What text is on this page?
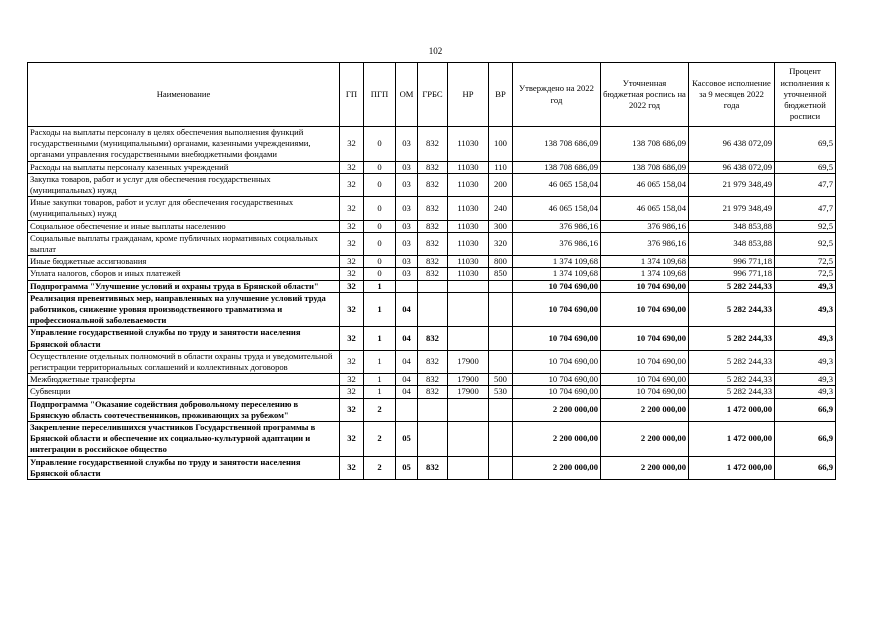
102
Наименование	ГП	ПГП	ОМ	ГРБС	НР	ВР	Утверждено на 2022 год	Уточненная бюджетная роспись на 2022 год	Кассовое исполнение за 9 месяцев 2022 года	Процент исполнения к уточненной бюджетной росписи
Расходы на выплаты персоналу в целях обеспечения выполнения функций государственными (муниципальными) органами, казенными учреждениями, органами управления государственными внебюджетными фондами	32	0	03	832	11030	100	138 708 686,09	138 708 686,09	96 438 072,09	69,5
Расходы на выплаты персоналу казенных учреждений	32	0	03	832	11030	110	138 708 686,09	138 708 686,09	96 438 072,09	69,5
Закупка товаров, работ и услуг для обеспечения государственных (муниципальных) нужд	32	0	03	832	11030	200	46 065 158,04	46 065 158,04	21 979 348,49	47,7
Иные закупки товаров, работ и услуг для обеспечения государственных (муниципальных) нужд	32	0	03	832	11030	240	46 065 158,04	46 065 158,04	21 979 348,49	47,7
Социальное обеспечение и иные выплаты населению	32	0	03	832	11030	300	376 986,16	376 986,16	348 853,88	92,5
Социальные выплаты гражданам, кроме публичных нормативных социальных выплат	32	0	03	832	11030	320	376 986,16	376 986,16	348 853,88	92,5
Иные бюджетные ассигнования	32	0	03	832	11030	800	1 374 109,68	1 374 109,68	996 771,18	72,5
Уплата налогов, сборов и иных платежей	32	0	03	832	11030	850	1 374 109,68	1 374 109,68	996 771,18	72,5
Подпрограмма "Улучшение условий и охраны труда в Брянской области"	32	1					10 704 690,00	10 704 690,00	5 282 244,33	49,3
Реализация превентивных мер, направленных на улучшение условий труда работников, снижение уровня производственного травматизма и профессиональной заболеваемости	32	1	04				10 704 690,00	10 704 690,00	5 282 244,33	49,3
Управление государственной службы по труду и занятости населения Брянской области	32	1	04	832			10 704 690,00	10 704 690,00	5 282 244,33	49,3
Осуществление отдельных полномочий в области охраны труда и уведомительной регистрации территориальных соглашений и коллективных договоров	32	1	04	832	17900		10 704 690,00	10 704 690,00	5 282 244,33	49,3
Межбюджетные трансферты	32	1	04	832	17900	500	10 704 690,00	10 704 690,00	5 282 244,33	49,3
Субвенции	32	1	04	832	17900	530	10 704 690,00	10 704 690,00	5 282 244,33	49,3
Подпрограмма "Оказание содействия добровольному переселению в Брянскую область соотечественников, проживающих за рубежом"	32	2					2 200 000,00	2 200 000,00	1 472 000,00	66,9
Закрепление переселившихся участников Государственной программы в Брянской области и обеспечение их социально-культурной адаптации и интеграции в российское общество	32	2	05				2 200 000,00	2 200 000,00	1 472 000,00	66,9
Управление государственной службы по труду и занятости населения Брянской области	32	2	05	832			2 200 000,00	2 200 000,00	1 472 000,00	66,9
